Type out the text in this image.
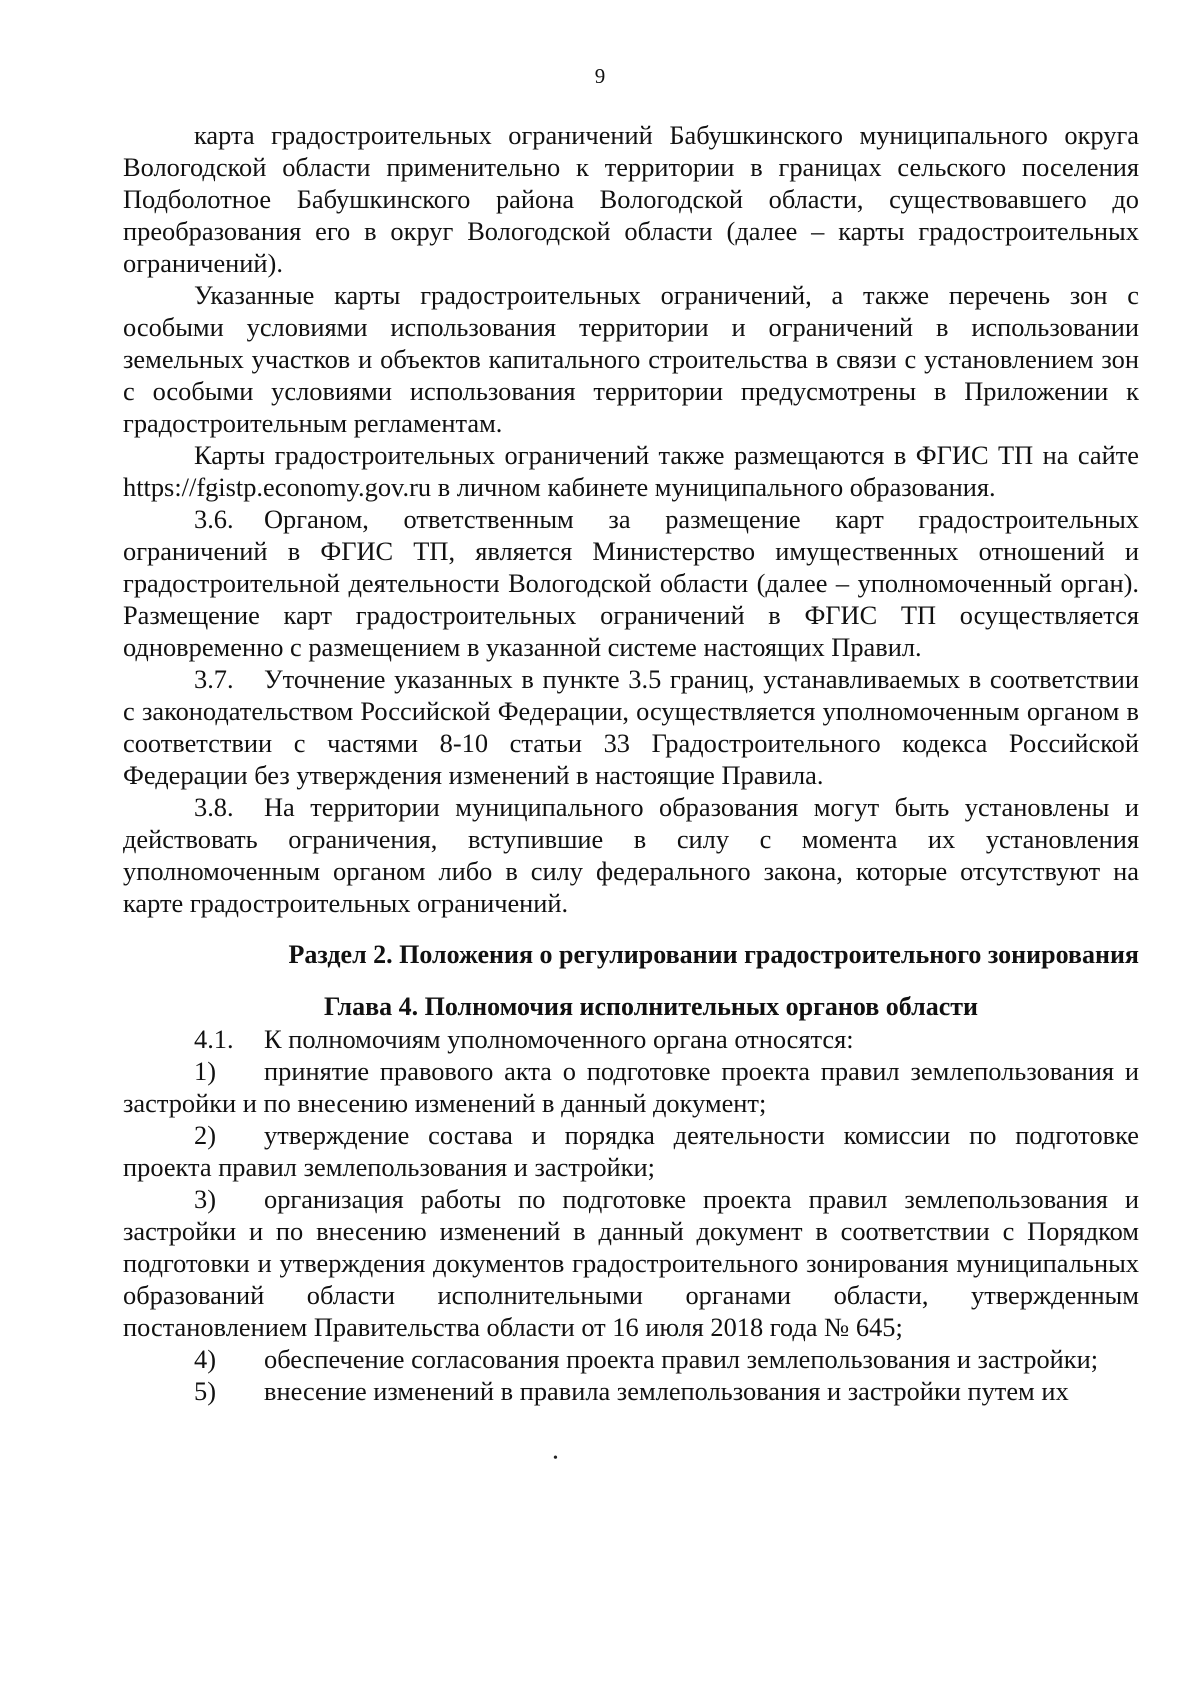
9

карта градостроительных ограничений Бабушкинского муниципального округа Вологодской области применительно к территории в границах сельского поселения Подболотное Бабушкинского района Вологодской области, существовавшего до преобразования его в округ Вологодской области (далее – карты градостроительных ограничений).

Указанные карты градостроительных ограничений, а также перечень зон с особыми условиями использования территории и ограничений в использовании земельных участков и объектов капитального строительства в связи с установлением зон с особыми условиями использования территории предусмотрены в Приложении к градостроительным регламентам.

Карты градостроительных ограничений также размещаются в ФГИС ТП на сайте https://fgistp.economy.gov.ru в личном кабинете муниципального образования.

3.6. Органом, ответственным за размещение карт градостроительных ограничений в ФГИС ТП, является Министерство имущественных отношений и градостроительной деятельности Вологодской области (далее – уполномоченный орган). Размещение карт градостроительных ограничений в ФГИС ТП осуществляется одновременно с размещением в указанной системе настоящих Правил.

3.7. Уточнение указанных в пункте 3.5 границ, устанавливаемых в соответствии с законодательством Российской Федерации, осуществляется уполномоченным органом в соответствии с частями 8-10 статьи 33 Градостроительного кодекса Российской Федерации без утверждения изменений в настоящие Правила.

3.8. На территории муниципального образования могут быть установлены и действовать ограничения, вступившие в силу с момента их установления уполномоченным органом либо в силу федерального закона, которые отсутствуют на карте градостроительных ограничений.

Раздел 2. Положения о регулировании градостроительного зонирования

Глава 4. Полномочия исполнительных органов области

4.1. К полномочиям уполномоченного органа относятся:

1) принятие правового акта о подготовке проекта правил землепользования и застройки и по внесению изменений в данный документ;

2) утверждение состава и порядка деятельности комиссии по подготовке проекта правил землепользования и застройки;

3) организация работы по подготовке проекта правил землепользования и застройки и по внесению изменений в данный документ в соответствии с Порядком подготовки и утверждения документов градостроительного зонирования муниципальных образований области исполнительными органами области, утвержденным постановлением Правительства области от 16 июля 2018 года № 645;

4) обеспечение согласования проекта правил землепользования и застройки;

5) внесение изменений в правила землепользования и застройки путем их

•
